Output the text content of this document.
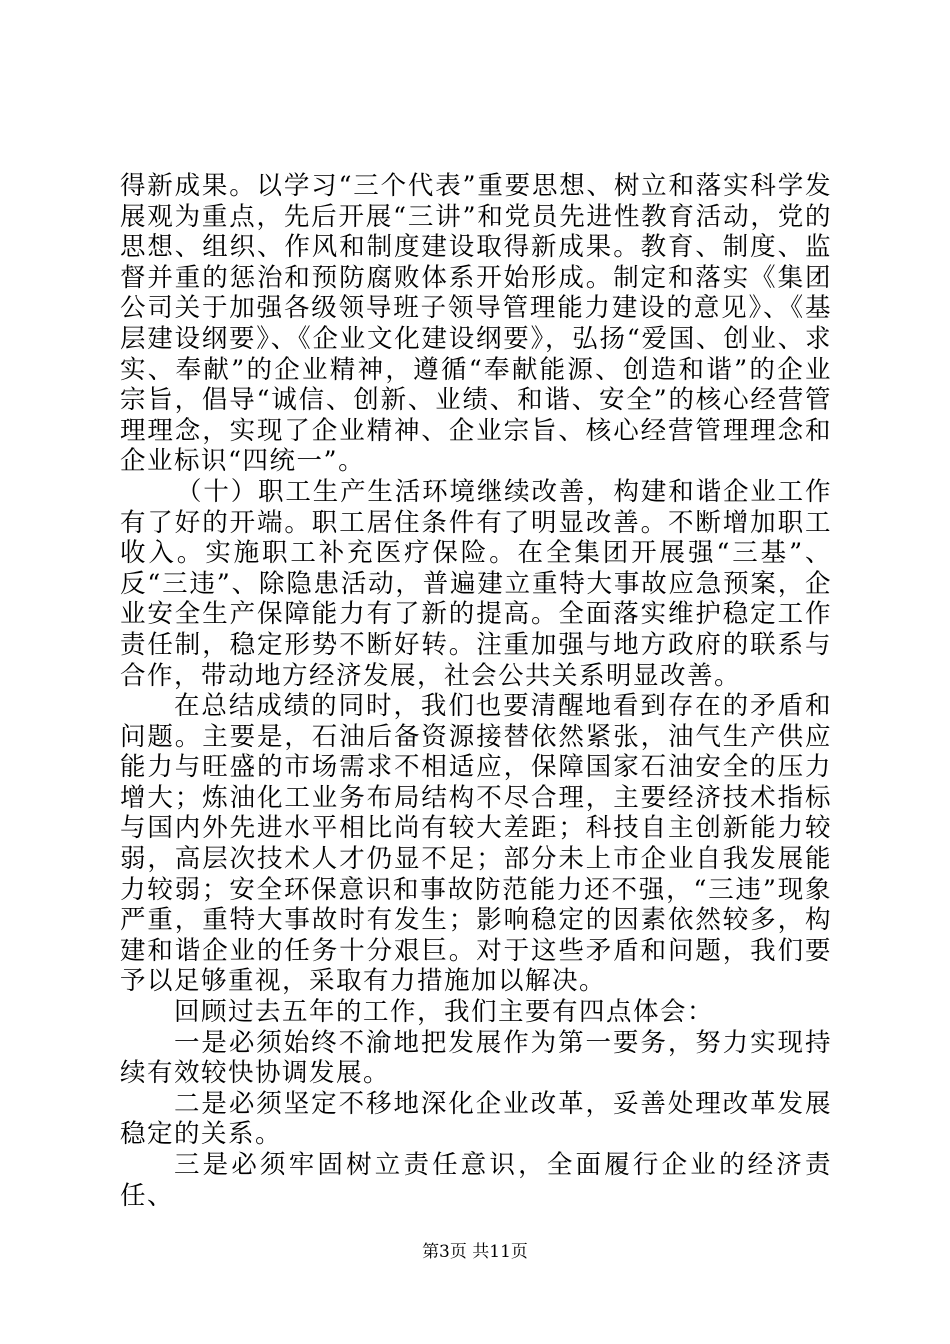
得新成果。以学习“三个代表”重要思想、树立和落实科学发展观为重点，先后开展“三讲”和党员先进性教育活动，党的思想、组织、作风和制度建设取得新成果。教育、制度、监督并重的惩治和预防腐败体系开始形成。制定和落实《集团公司关于加强各级领导班子领导管理能力建设的意见》、《基层建设纲要》、《企业文化建设纲要》，弘扬“爱国、创业、求实、奉献”的企业精神，遵循“奉献能源、创造和谐”的企业宗旨，倡导“诚信、创新、业绩、和谐、安全”的核心经营管理理念，实现了企业精神、企业宗旨、核心经营管理理念和企业标识“四统一”。

（十）职工生产生活环境继续改善，构建和谐企业工作有了好的开端。职工居住条件有了明显改善。不断增加职工收入。实施职工补充医疗保险。在全集团开展强“三基”、反“三违”、除隐患活动，普遍建立重特大事故应急预案，企业安全生产保障能力有了新的提高。全面落实维护稳定工作责任制，稳定形势不断好转。注重加强与地方政府的联系与合作，带动地方经济发展，社会公共关系明显改善。

在总结成绩的同时，我们也要清醒地看到存在的矛盾和问题。主要是，石油后备资源接替依然紧张，油气生产供应能力与旺盛的市场需求不相适应，保障国家石油安全的压力增大；炼油化工业务布局结构不尽合理，主要经济技术指标与国内外先进水平相比尚有较大差距；科技自主创新能力较弱，高层次技术人才仍显不足；部分未上市企业自我发展能力较弱；安全环保意识和事故防范能力还不强，“三违”现象严重，重特大事故时有发生；影响稳定的因素依然较多，构建和谐企业的任务十分艰巨。对于这些矛盾和问题，我们要予以足够重视，采取有力措施加以解决。

回顾过去五年的工作，我们主要有四点体会：

一是必须始终不渝地把发展作为第一要务，努力实现持续有效较快协调发展。

二是必须坚定不移地深化企业改革，妥善处理改革发展稳定的关系。

三是必须牢固树立责任意识，全面履行企业的经济责任、

第3页 共11页
